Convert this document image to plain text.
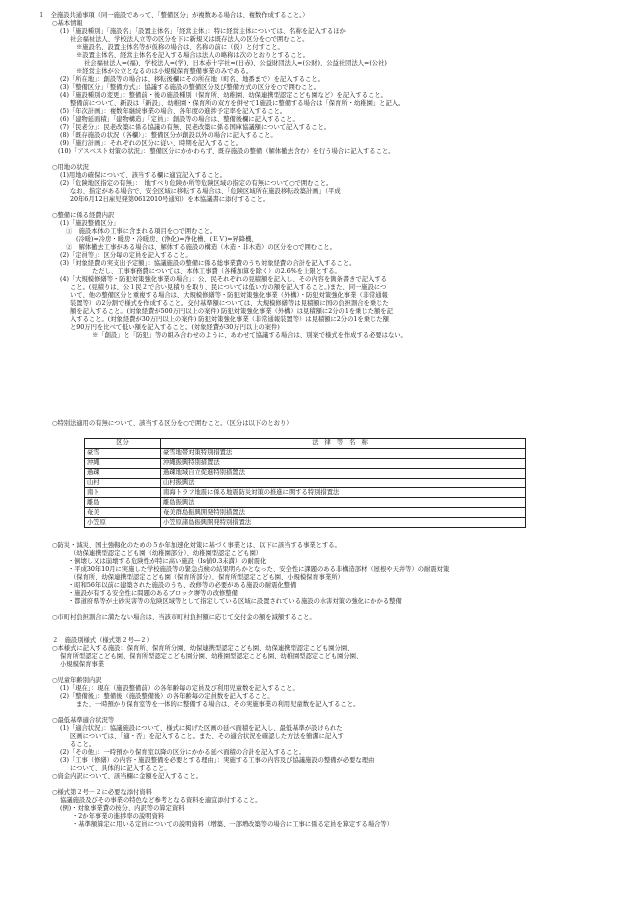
１　全施設共通事項（同一施設であって、「整備区分」が複数ある場合は、複数作成すること。）
○基本情報
(1)「施設種別」「施設名」「設置主体名」「経営主体」：特に経営主体については、名称を記入するほか
社会福祉法人、学校法人立等の区分を下に新規又は既存法人の区分を○で囲むこと。
※施設名、設置主体名等が仮称の場合は、名称の前に（仮）と付すこと。
※設置主体名、経営主体名を記入する場合は法人の略称は次のとおりとすること。
社会福祉法人=(福)、学校法人=(学)、日本赤十字社=(日赤)、公益財団法人=(公財)、公益社団法人=(公社)
※経営主体が公立となるのは小規模保育整備事業のみである。
(2)「所在地」：創設等の場合は、移転後欄にその所在地（町名、地番まで）を記入すること。
(3)「整備区分」「整備方式」：協議する施設の整備区分及び整備方式の区分を○で囲むこと。
(4)「施設種別の変更」：整備前・後の施設種別（保育所、幼稚園、幼保連携型認定こども園など）を記入すること。
整備前について、新設は「新設」、幼稚園・保育所の双方を併せて1施設に整備する場合は「保育所・幼稚園」と記入。
(5)「年次計画」：複数年継続事業の場合、各年度の進捗予定率を記入すること。
(6)「建物延面積」「建物構造」「定員」：創設等の場合は、整備後欄に記入すること。
(7)「民老分」：民老改築に係る協議の有無、民老改築に係る国庫協議額について記入すること。
(8)「既存施設の状況（各欄）」：整備区分が創設以外の場合に記入すること。
(9)「施行計画」：それぞれの区分に従い、時期を記入すること。
(10)「アスベスト対策の状況」：整備区分にかかわらず、既存施設の整備（解体撤去含む）を行う場合に記入すること。
○用地の状況
(1)用地の確保について、該当する欄に適宜記入すること。
(2)「危険地区指定の有無」：　地すべり危険か所等危険区域の指定の有無について○で囲むこと。
なお、指定がある場合で、安全区域に移転する場合は、「危険区域所在施設移転改築計画」（平成
20年6月12日雇児発第0612010号通知）を本協議書に添付すること。
○整備に係る経費内訳
(1)「施設整備区分」
①　施設本体の工事に含まれる項目を○で囲むこと。
(冷暖)=冷房・暖房・冷暖房、(浄化)=浄化槽、(ＥＶ)=昇降機、
②　解体撤去工事がある場合は、解体する施設の構造（木造・非木造）の区分を○で囲むこと。
(2)「定員等」：区分毎の定員を記入すること。
(3)「対象経費の実支出予定額」：協議施設の整備に係る総事業費のうち対象経費の合計を記入すること。
ただし、工事事務費については、本体工事費（各種加算を除く）の2.6%を上限とする。
(4)「大規模修繕等・防犯対策強化事業の場合」：公、民それぞれの見積額を記入し、その内容を箇条書きで記入する
こと。(見積りは、公１民２で合い見積りを取り、民については低い方の額を記入すること。)また、同一施設につ
いて、他の整備区分と重複する場合は、大規模修繕等・防犯対策強化事業（外構）・防犯対策強化事業（非常通報
装置等）の2分割で様式を作成すること。交付基準額については、大規模修繕等は見積額に国の負担割合を乗じた
額を記入すること。(対象経費が500万円以上の案件) 防犯対策強化事業（外構）は見積額に2分の1を乗じた額を記
入すること。(対象経費が30万円以上の案件) 防犯対策強化事業（非常通報装置等）は見積額に2分の1を乗じた額
と90万円を比べて低い額を記入すること。(対象経費が30万円以上の案件)
※「創設」と「防犯」等の組み合わせのように、あわせて協議する場合は、別案で様式を作成する必要はない。
○特別法適用の有無について、該当する区分を○で囲むこと。（区分は以下のとおり）
○防災・減災、国土強靱化のための５か年加速化対策に基づく事業とは、以下に該当する事業とする。
（幼保連携型認定こども園（幼稚園部分）、幼稚園型認定こども園）
・倒壊し又は崩壊する危険性が特に高い施設（Is値0.3未満）の耐震化
・平成30年10月に実施した学校施設等の緊急点検の結果明らかとなった、安全性に課題のある非構造部材（屋根や天井等）の耐震対策
（保育所、幼保連携型認定こども園（保育所部分）、保育所型認定こども園、小規模保育事業所）
・昭和56年以前に建築された施設のうち、改修等の必要がある施設の耐震化整備
・施設が有する安全性に問題のあるブロック塀等の改修整備
・都道府県等が土砂災害等の危険区域等として指定している区域に設置されている施設の水害対策の強化にかかる整備
○市町村負担割合に満たない場合は、当該市町村負担額に応じて交付金の額を減額すること。
２　施設別様式（様式第２号―２）
○本様式に記入する施設：保育所、保育所分園、幼保連携型認定こども園、幼保連携型認定こども園分園、
保育所型認定こども園、保育所型認定こども園分園、幼稚園型認定こども園、幼稚園型認定こども園分園、
小規模保育事業
○児童年齢別内訳
(1)「現在」：現在（施設整備前）の各年齢毎の定員及び利用児童数を記入すること。
(2)「整備後」：整備後（施設整備後）の各年齢毎の定員数を記入すること。
また、一時預かり保育室等を一体的に整備する場合は、その実施事業の利用児童数を記入すること。
○最低基準適合状況等
(1)「適合状況」：協議施設について、様式に掲げた区画の延べ面積を記入し、最低基準が設けられた
区画については、「適・否」を記入すること。また、その適合状況を確認した方法を簡潔に記入す
ること。
(2)「その他」：一時預かり保育室以降の区分にかかる延べ面積の合計を記入すること。
(3)「工事（修繕）の内容・施設整備を必要とする理由」：実施する工事の内容及び協議施設の整備が必要な理由
について、具体的に記入すること。
○資金内訳について、該当欄に金額を記入すること。
○様式第２号－２に必要な添付資料
協議施設及びその事業の特色など参考となる資料を適宜添付すること。
(例)・対象事業費の按分、内訳等の算定資料
・2か年事業の進捗率の説明資料
・基準額算定に用いる定員についての説明資料（増築、一部増改築等の場合に工事に係る定員を算定する場合等）
区分	法律等名称
豪雪	豪雪地帯対策特別措置法
沖縄	沖縄振興特別措置法
過疎	過疎地域自立促進特別措置法
山村	山村振興法
南ト	南海トラフ地震に係る地震防災対策の推進に関する特別措置法
離島	離島振興法
奄美	奄美群島振興開発特別措置法
小笠原	小笠原諸島振興開発特別措置法
